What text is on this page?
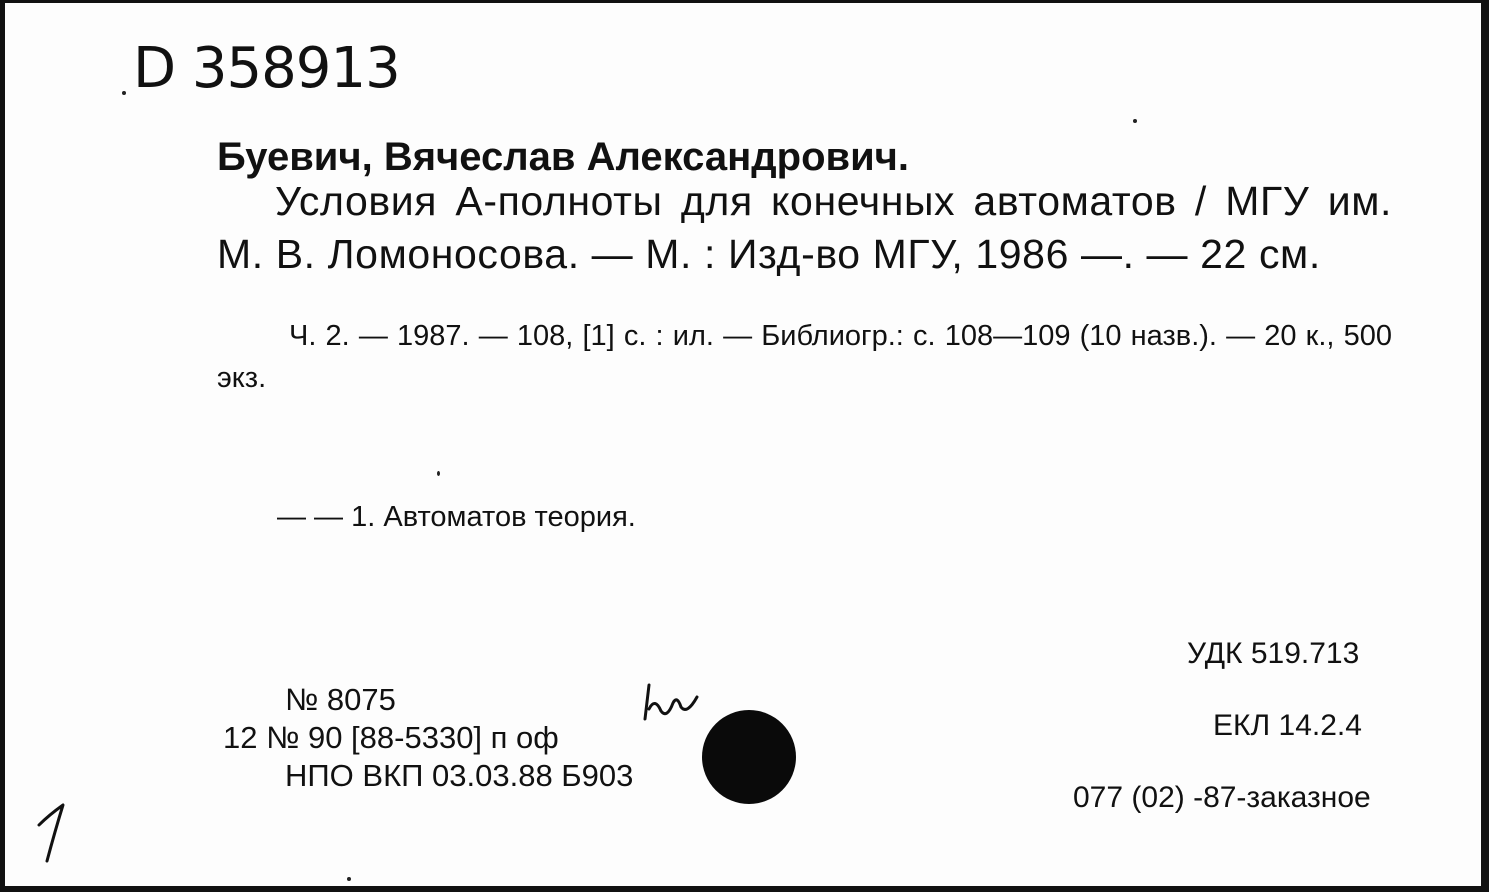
D 358913
Буевич, Вячеслав Александрович.
Условия А-полноты для конечных автоматов / МГУ им. М. В. Ломоносова. — М. : Изд-во МГУ, 1986 —. — 22 см.
Ч. 2. — 1987. — 108, [1] с. : ил. — Библиогр.: с. 108—109 (10 назв.). — 20 к., 500 экз.
— — 1. Автоматов теория.
УДК 519.713
ЕКЛ 14.2.4
077 (02) -87-заказное
№ 8075
12 № 90 [88-5330] п оф
НПО ВКП 03.03.88 Б903
